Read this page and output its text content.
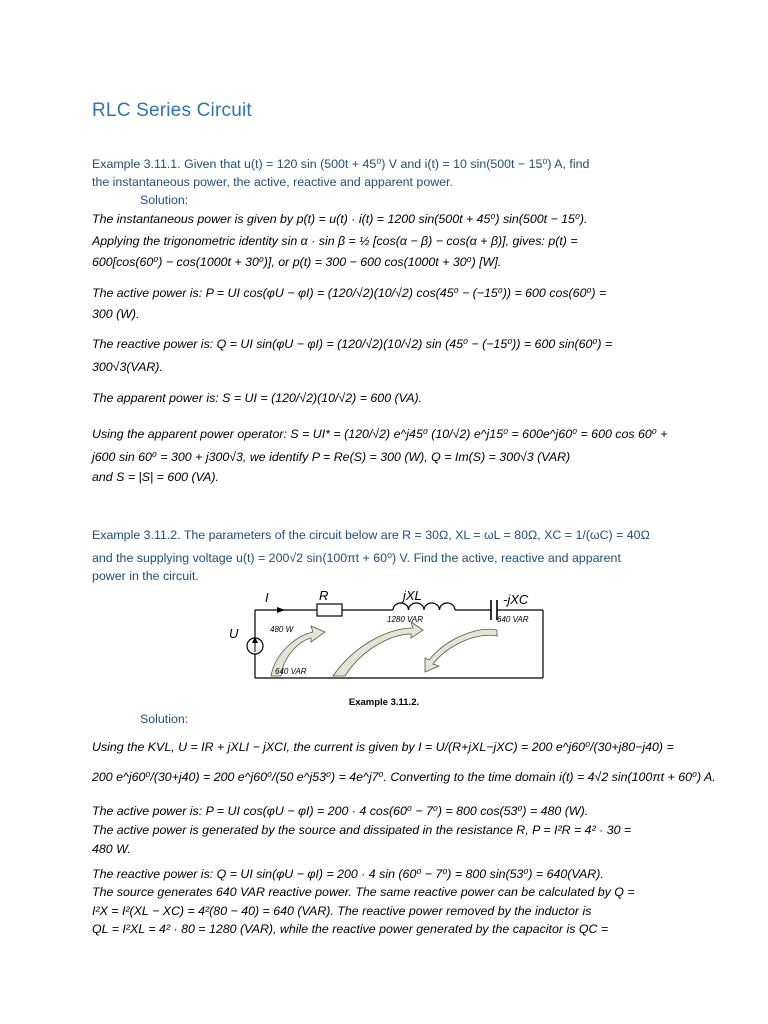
RLC Series Circuit
Example 3.11.1. Given that u(t) = 120 sin (500t + 45⁰) V and i(t) = 10 sin(500t − 15⁰) A, find
the instantaneous power, the active, reactive and apparent power.
Solution:
The instantaneous power is given by p(t) = u(t) · i(t) = 1200 sin(500t + 45⁰) sin(500t − 15⁰).
Applying the trigonometric identity sin α · sin β = ½ [cos(α − β) − cos(α + β)], gives: p(t) =
600[cos(60⁰) − cos(1000t + 30⁰)], or p(t) = 300 − 600 cos(1000t + 30⁰) [W].
The active power is: P = UI cos(φU − φI) = (120/√2)(10/√2) cos(45⁰ − (−15⁰)) = 600 cos(60⁰) =
300 (W).
The reactive power is: Q = UI sin(φU − φI) = (120/√2)(10/√2) sin (45⁰ − (−15⁰)) = 600 sin(60⁰) =
300√3(VAR).
The apparent power is: S = UI = (120/√2)(10/√2) = 600 (VA).
Using the apparent power operator: S = UI* = (120/√2) e^j45⁰ (10/√2) e^j15⁰ = 600e^j60⁰ = 600 cos 60⁰ +
j600 sin 60⁰ = 300 + j300√3, we identify P = Re(S) = 300 (W), Q = Im(S) = 300√3 (VAR)
and S = |S| = 600 (VA).
Example 3.11.2. The parameters of the circuit below are R = 30Ω, XL = ωL = 80Ω, XC = 1/(ωC) = 40Ω
and the supplying voltage u(t) = 200√2 sin(100πt + 60⁰) V. Find the active, reactive and apparent
power in the circuit.
I	R	jXL	-jXC
U	480 W
1280 VAR	640 VAR
640 VAR
Example 3.11.2.
Solution:
Using the KVL, U = IR + jXLI − jXCI, the current is given by I = U/(R+jXL−jXC) = 200 e^j60⁰/(30+j80−j40) =
200 e^j60⁰/(30+j40) = 200 e^j60⁰/(50 e^j53⁰) = 4e^j7⁰. Converting to the time domain i(t) = 4√2 sin(100πt + 60⁰) A.
The active power is: P = UI cos(φU − φI) = 200 · 4 cos(60⁰ − 7⁰) = 800 cos(53⁰) = 480 (W).
The active power is generated by the source and dissipated in the resistance R, P = I²R = 4² · 30 =
480 W.
The reactive power is: Q = UI sin(φU − φI) = 200 · 4 sin (60⁰ − 7⁰) = 800 sin(53⁰) = 640(VAR).
The source generates 640 VAR reactive power. The same reactive power can be calculated by Q =
I²X = I²(XL − XC) = 4²(80 − 40) = 640 (VAR). The reactive power removed by the inductor is
QL = I²XL = 4² · 80 = 1280 (VAR), while the reactive power generated by the capacitor is QC =
